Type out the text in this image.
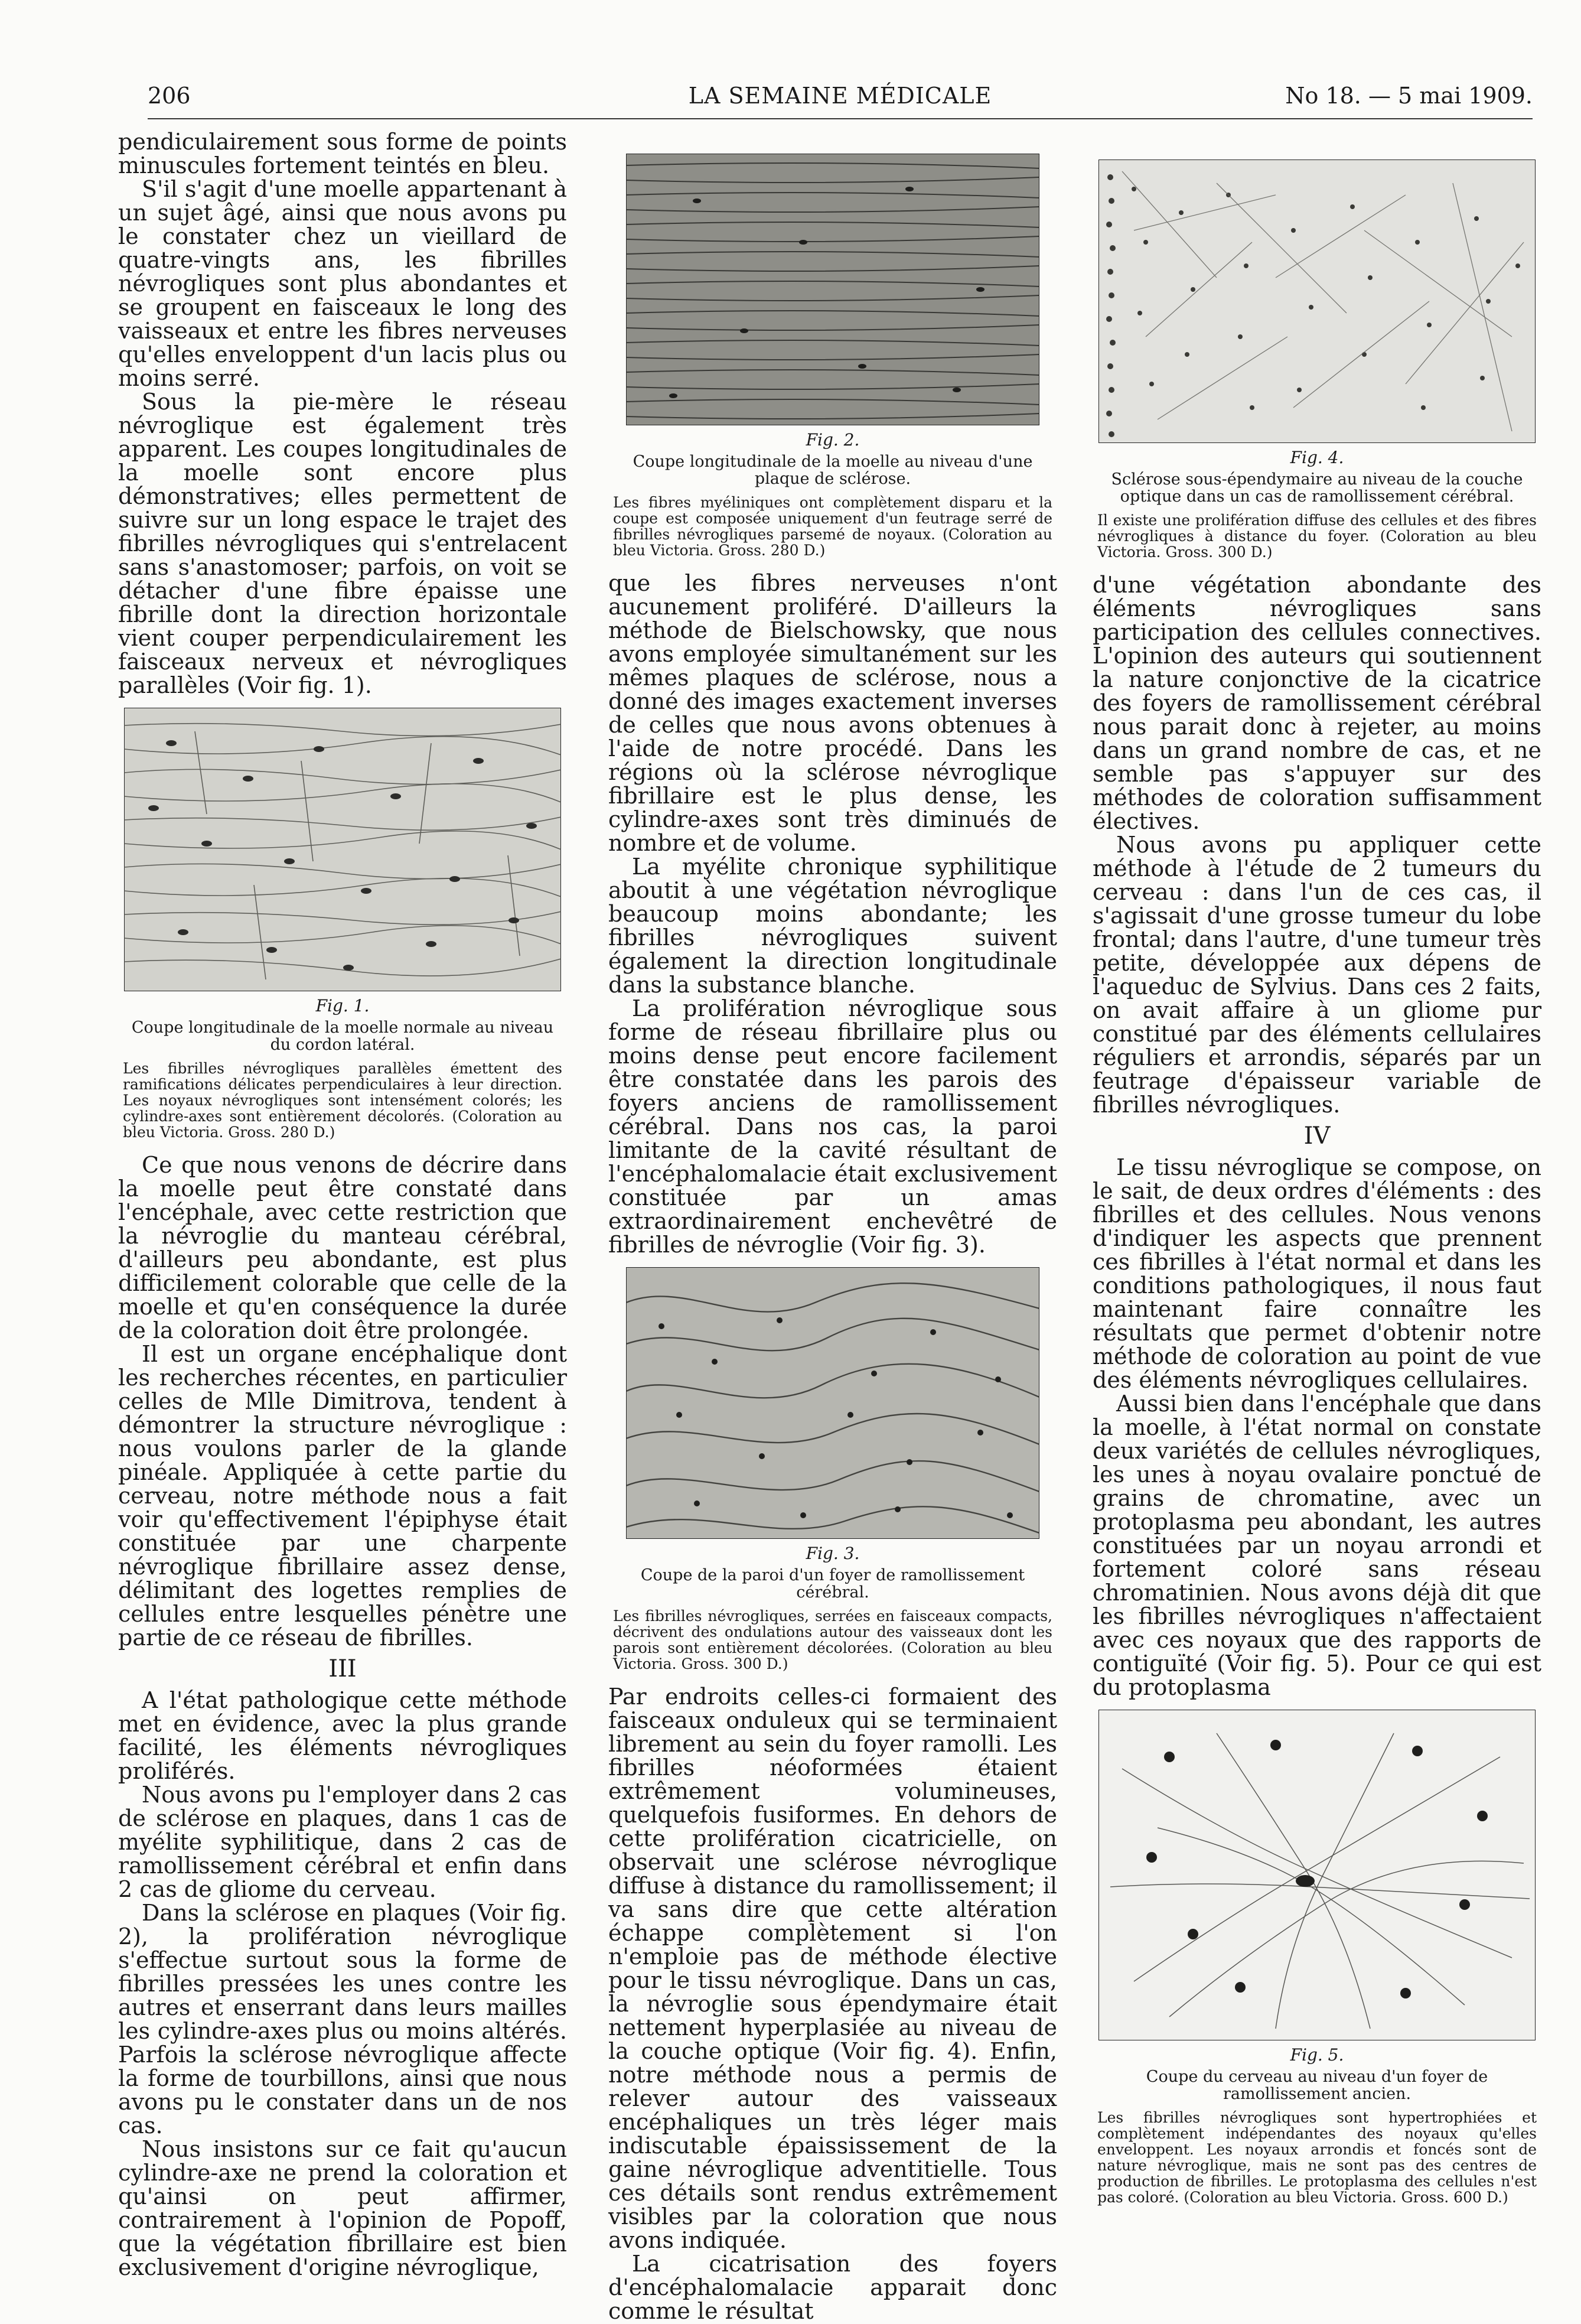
206	LA SEMAINE MÉDICALE	No 18. — 5 mai 1909.

pendiculairement sous forme de points minuscules fortement teintés en bleu.

S'il s'agit d'une moelle appartenant à un sujet âgé, ainsi que nous avons pu le constater chez un vieillard de quatre-vingts ans, les fibrilles névrogliques sont plus abondantes et se groupent en faisceaux le long des vaisseaux et entre les fibres nerveuses qu'elles enveloppent d'un lacis plus ou moins serré.

Sous la pie-mère le réseau névroglique est également très apparent. Les coupes longitudinales de la moelle sont encore plus démonstratives; elles permettent de suivre sur un long espace le trajet des fibrilles névrogliques qui s'entrelacent sans s'anastomoser; parfois, on voit se détacher d'une fibre épaisse une fibrille dont la direction horizontale vient couper perpendiculairement les faisceaux nerveux et névrogliques parallèles (Voir fig. 1).

Fig. 1.
Coupe longitudinale de la moelle normale au niveau du cordon latéral.
Les fibrilles névrogliques parallèles émettent des ramifications délicates perpendiculaires à leur direction. Les noyaux névrogliques sont intensément colorés; les cylindre-axes sont entièrement décolorés. (Coloration au bleu Victoria. Gross. 280 D.)

Ce que nous venons de décrire dans la moelle peut être constaté dans l'encéphale, avec cette restriction que la névroglie du manteau cérébral, d'ailleurs peu abondante, est plus difficilement colorable que celle de la moelle et qu'en conséquence la durée de la coloration doit être prolongée.

Il est un organe encéphalique dont les recherches récentes, en particulier celles de Mlle Dimitrova, tendent à démontrer la structure névroglique : nous voulons parler de la glande pinéale. Appliquée à cette partie du cerveau, notre méthode nous a fait voir qu'effectivement l'épiphyse était constituée par une charpente névroglique fibrillaire assez dense, délimitant des logettes remplies de cellules entre lesquelles pénètre une partie de ce réseau de fibrilles.

III

A l'état pathologique cette méthode met en évidence, avec la plus grande facilité, les éléments névrogliques proliférés.

Nous avons pu l'employer dans 2 cas de sclérose en plaques, dans 1 cas de myélite syphilitique, dans 2 cas de ramollissement cérébral et enfin dans 2 cas de gliome du cerveau.

Dans la sclérose en plaques (Voir fig. 2), la prolifération névroglique s'effectue surtout sous la forme de fibrilles pressées les unes contre les autres et enserrant dans leurs mailles les cylindre-axes plus ou moins altérés. Parfois la sclérose névroglique affecte la forme de tourbillons, ainsi que nous avons pu le constater dans un de nos cas.

Nous insistons sur ce fait qu'aucun cylindre-axe ne prend la coloration et qu'ainsi on peut affirmer, contrairement à l'opinion de Popoff, que la végétation fibrillaire est bien exclusivement d'origine névroglique,

Fig. 2.
Coupe longitudinale de la moelle au niveau d'une plaque de sclérose.
Les fibres myéliniques ont complètement disparu et la coupe est composée uniquement d'un feutrage serré de fibrilles névrogliques parsemé de noyaux. (Coloration au bleu Victoria. Gross. 280 D.)

que les fibres nerveuses n'ont aucunement proliféré. D'ailleurs la méthode de Bielschowsky, que nous avons employée simultanément sur les mêmes plaques de sclérose, nous a donné des images exactement inverses de celles que nous avons obtenues à l'aide de notre procédé. Dans les régions où la sclérose névroglique fibrillaire est le plus dense, les cylindre-axes sont très diminués de nombre et de volume.

La myélite chronique syphilitique aboutit à une végétation névroglique beaucoup moins abondante; les fibrilles névrogliques suivent également la direction longitudinale dans la substance blanche.

La prolifération névroglique sous forme de réseau fibrillaire plus ou moins dense peut encore facilement être constatée dans les parois des foyers anciens de ramollissement cérébral. Dans nos cas, la paroi limitante de la cavité résultant de l'encéphalomalacie était exclusivement constituée par un amas extraordinairement enchevêtré de fibrilles de névroglie (Voir fig. 3).

Fig. 3.
Coupe de la paroi d'un foyer de ramollissement cérébral.
Les fibrilles névrogliques, serrées en faisceaux compacts, décrivent des ondulations autour des vaisseaux dont les parois sont entièrement décolorées. (Coloration au bleu Victoria. Gross. 300 D.)

Par endroits celles-ci formaient des faisceaux onduleux qui se terminaient librement au sein du foyer ramolli. Les fibrilles néoformées étaient extrêmement volumineuses, quelquefois fusiformes. En dehors de cette prolifération cicatricielle, on observait une sclérose névroglique diffuse à distance du ramollissement; il va sans dire que cette altération échappe complètement si l'on n'emploie pas de méthode élective pour le tissu névroglique. Dans un cas, la névroglie sous épendymaire était nettement hyperplasiée au niveau de la couche optique (Voir fig. 4). Enfin, notre méthode nous a permis de relever autour des vaisseaux encéphaliques un très léger mais indiscutable épaississement de la gaine névroglique adventitielle. Tous ces détails sont rendus extrêmement visibles par la coloration que nous avons indiquée.

La cicatrisation des foyers d'encéphalomalacie apparait donc comme le résultat

Fig. 4.
Sclérose sous-épendymaire au niveau de la couche optique dans un cas de ramollissement cérébral.
Il existe une prolifération diffuse des cellules et des fibres névrogliques à distance du foyer. (Coloration au bleu Victoria. Gross. 300 D.)

d'une végétation abondante des éléments névrogliques sans participation des cellules connectives. L'opinion des auteurs qui soutiennent la nature conjonctive de la cicatrice des foyers de ramollissement cérébral nous parait donc à rejeter, au moins dans un grand nombre de cas, et ne semble pas s'appuyer sur des méthodes de coloration suffisamment électives.

Nous avons pu appliquer cette méthode à l'étude de 2 tumeurs du cerveau : dans l'un de ces cas, il s'agissait d'une grosse tumeur du lobe frontal; dans l'autre, d'une tumeur très petite, développée aux dépens de l'aqueduc de Sylvius. Dans ces 2 faits, on avait affaire à un gliome pur constitué par des éléments cellulaires réguliers et arrondis, séparés par un feutrage d'épaisseur variable de fibrilles névrogliques.

IV

Le tissu névroglique se compose, on le sait, de deux ordres d'éléments : des fibrilles et des cellules. Nous venons d'indiquer les aspects que prennent ces fibrilles à l'état normal et dans les conditions pathologiques, il nous faut maintenant faire connaître les résultats que permet d'obtenir notre méthode de coloration au point de vue des éléments névrogliques cellulaires.

Aussi bien dans l'encéphale que dans la moelle, à l'état normal on constate deux variétés de cellules névrogliques, les unes à noyau ovalaire ponctué de grains de chromatine, avec un protoplasma peu abondant, les autres constituées par un noyau arrondi et fortement coloré sans réseau chromatinien. Nous avons déjà dit que les fibrilles névrogliques n'affectaient avec ces noyaux que des rapports de contiguïté (Voir fig. 5). Pour ce qui est du protoplasma

Fig. 5.
Coupe du cerveau au niveau d'un foyer de ramollissement ancien.
Les fibrilles névrogliques sont hypertrophiées et complètement indépendantes des noyaux qu'elles enveloppent. Les noyaux arrondis et foncés sont de nature névroglique, mais ne sont pas des centres de production de fibrilles. Le protoplasma des cellules n'est pas coloré. (Coloration au bleu Victoria. Gross. 600 D.)
